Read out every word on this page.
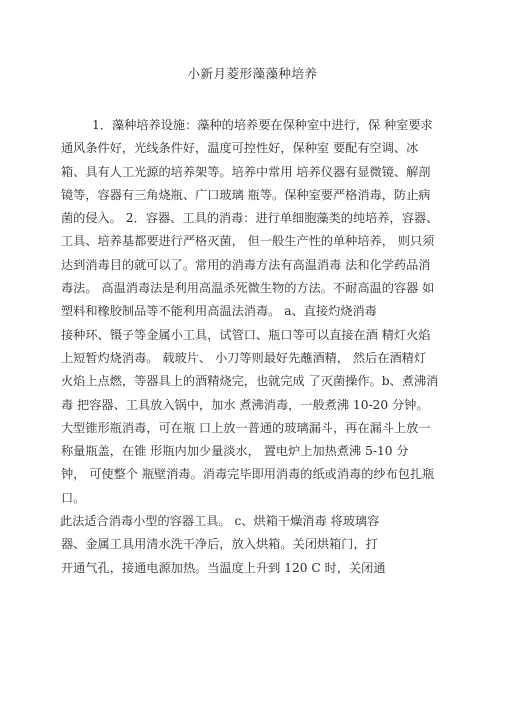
小新月菱形藻藻种培养
1．藻种培养设施：藻种的培养要在保种室中进行，保 种室要求
通风条件好，光线条件好，温度可控性好，保种室 要配有空调、冰
箱、具有人工光源的培养架等。培养中常用 培养仪器有显微镜、解剖
镜等，容器有三角烧瓶、广口玻璃 瓶等。保种室要严格消毒，防止病
菌的侵入。 2．容器、工具的消毒：进行单细胞藻类的纯培养，容器、
工具、培养基都要进行严格灭菌， 但一般生产性的单种培养， 则只须
达到消毒目的就可以了。常用的消毒方法有高温消毒 法和化学药品消
毒法。 高温消毒法是利用高温杀死微生物的方法。不耐高温的容器 如
塑料和橡胶制品等不能利用高温法消毒。 a、直接灼烧消毒
接种环、镊子等金属小工具，试管口、瓶口等可以直接在酒 精灯火焰
上短暂灼烧消毒。 载玻片、 小刀等则最好先蘸酒精， 然后在酒精灯
火焰上点燃，等器具上的酒精烧完，也就完成 了灭菌操作。b、煮沸消
毒 把容器、工具放入锅中，加水 煮沸消毒，一般煮沸 10-20 分钟。
大型锥形瓶消毒，可在瓶 口上放一普通的玻璃漏斗，再在漏斗上放一
称量瓶盖，在锥 形瓶内加少量淡水， 置电炉上加热煮沸 5-10 分
钟， 可使整个 瓶壁消毒。消毒完毕即用消毒的纸或消毒的纱布包扎瓶
口。
此法适合消毒小型的容器工具。 c、烘箱干燥消毒 将玻璃容
器、金属工具用清水洗干净后，放入烘箱。关闭烘箱门，打
开通气孔，接通电源加热。当温度上升到 120 C 时，关闭通
